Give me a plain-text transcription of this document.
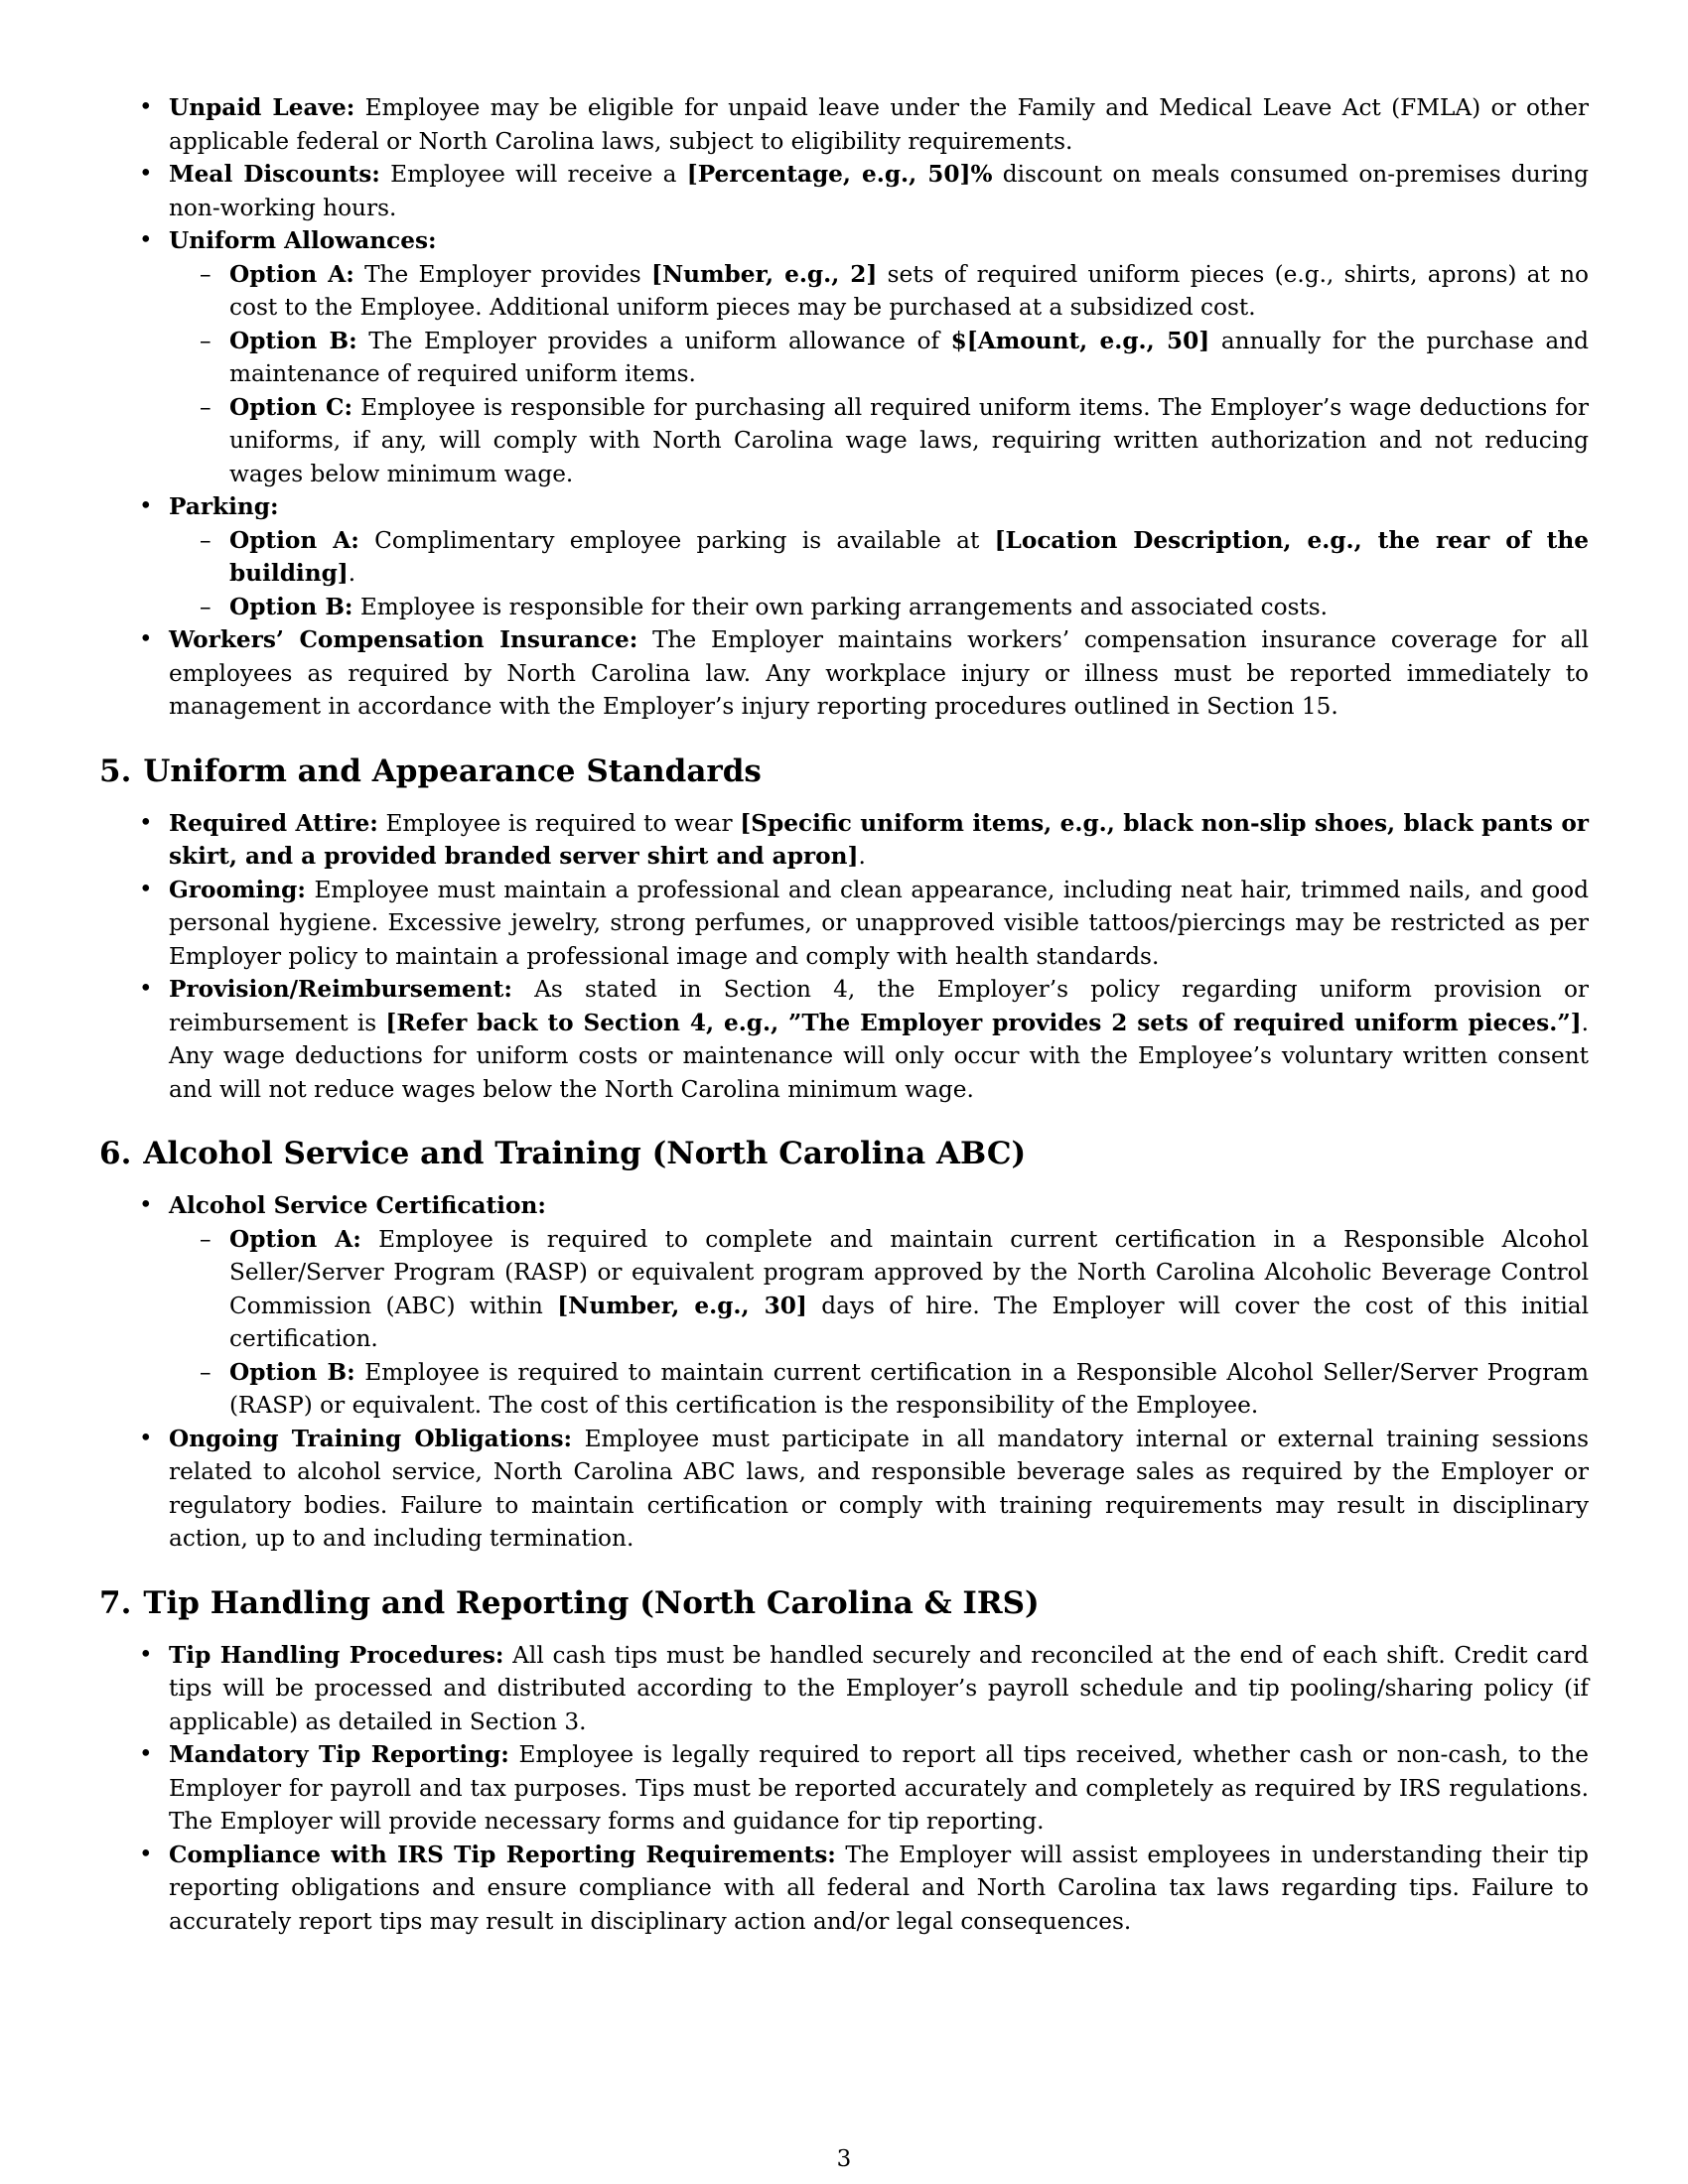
• Unpaid Leave: Employee may be eligible for unpaid leave under the Family and Medical Leave Act (FMLA) or other applicable federal or North Carolina laws, subject to eligibility requirements.
• Meal Discounts: Employee will receive a [Percentage, e.g., 50]% discount on meals consumed on-premises during non-working hours.
• Uniform Allowances:
– Option A: The Employer provides [Number, e.g., 2] sets of required uniform pieces (e.g., shirts, aprons) at no cost to the Employee. Additional uniform pieces may be purchased at a subsidized cost.
– Option B: The Employer provides a uniform allowance of $[Amount, e.g., 50] annually for the purchase and maintenance of required uniform items.
– Option C: Employee is responsible for purchasing all required uniform items. The Employer’s wage deductions for uniforms, if any, will comply with North Carolina wage laws, requiring written authorization and not reducing wages below minimum wage.
• Parking:
– Option A: Complimentary employee parking is available at [Location Description, e.g., the rear of the building].
– Option B: Employee is responsible for their own parking arrangements and associated costs.
• Workers’ Compensation Insurance: The Employer maintains workers’ compensation insurance coverage for all employees as required by North Carolina law. Any workplace injury or illness must be reported immediately to management in accordance with the Employer’s injury reporting procedures outlined in Section 15.
5. Uniform and Appearance Standards
• Required Attire: Employee is required to wear [Specific uniform items, e.g., black non-slip shoes, black pants or skirt, and a provided branded server shirt and apron].
• Grooming: Employee must maintain a professional and clean appearance, including neat hair, trimmed nails, and good personal hygiene. Excessive jewelry, strong perfumes, or unapproved visible tattoos/piercings may be restricted as per Employer policy to maintain a professional image and comply with health standards.
• Provision/Reimbursement: As stated in Section 4, the Employer’s policy regarding uniform provision or reimbursement is [Refer back to Section 4, e.g., ”The Employer provides 2 sets of required uniform pieces.”]. Any wage deductions for uniform costs or maintenance will only occur with the Employee’s voluntary written consent and will not reduce wages below the North Carolina minimum wage.
6. Alcohol Service and Training (North Carolina ABC)
• Alcohol Service Certification:
– Option A: Employee is required to complete and maintain current certification in a Responsible Alcohol Seller/Server Program (RASP) or equivalent program approved by the North Carolina Alcoholic Beverage Control Commission (ABC) within [Number, e.g., 30] days of hire. The Employer will cover the cost of this initial certification.
– Option B: Employee is required to maintain current certification in a Responsible Alcohol Seller/Server Program (RASP) or equivalent. The cost of this certification is the responsibility of the Employee.
• Ongoing Training Obligations: Employee must participate in all mandatory internal or external training sessions related to alcohol service, North Carolina ABC laws, and responsible beverage sales as required by the Employer or regulatory bodies. Failure to maintain certification or comply with training requirements may result in disciplinary action, up to and including termination.
7. Tip Handling and Reporting (North Carolina & IRS)
• Tip Handling Procedures: All cash tips must be handled securely and reconciled at the end of each shift. Credit card tips will be processed and distributed according to the Employer’s payroll schedule and tip pooling/sharing policy (if applicable) as detailed in Section 3.
• Mandatory Tip Reporting: Employee is legally required to report all tips received, whether cash or non-cash, to the Employer for payroll and tax purposes. Tips must be reported accurately and completely as required by IRS regulations. The Employer will provide necessary forms and guidance for tip reporting.
• Compliance with IRS Tip Reporting Requirements: The Employer will assist employees in understanding their tip reporting obligations and ensure compliance with all federal and North Carolina tax laws regarding tips. Failure to accurately report tips may result in disciplinary action and/or legal consequences.
3
